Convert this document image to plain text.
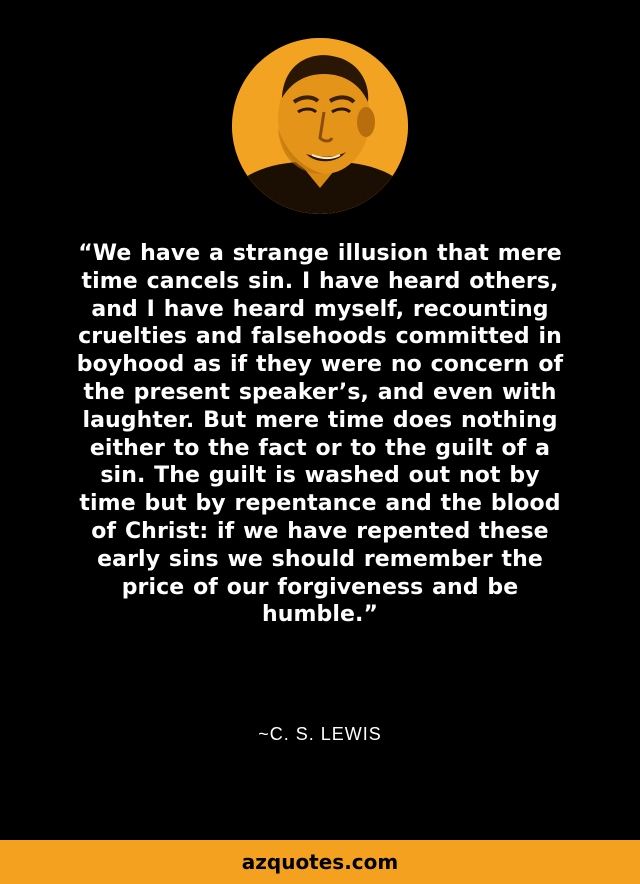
“We have a strange illusion that mere
time cancels sin. I have heard others,
and I have heard myself, recounting
cruelties and falsehoods committed in
boyhood as if they were no concern of
the present speaker’s, and even with
laughter. But mere time does nothing
either to the fact or to the guilt of a
sin. The guilt is washed out not by
time but by repentance and the blood
of Christ: if we have repented these
early sins we should remember the
price of our forgiveness and be
humble.”

~C. S. LEWIS
azquotes.com
